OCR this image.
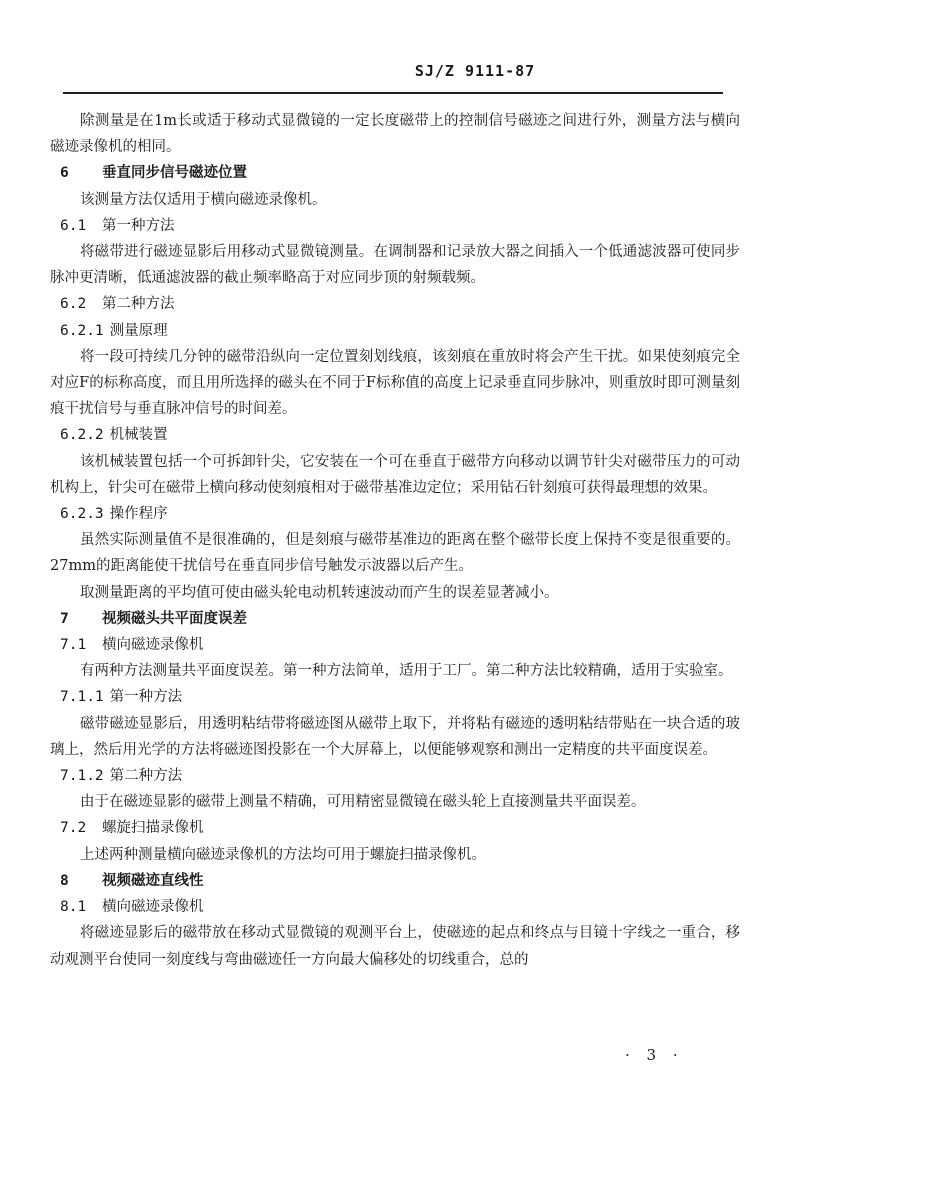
SJ/Z 9111-87
除测量是在1m长或适于移动式显微镜的一定长度磁带上的控制信号磁迹之间进行外，测量方法与横向磁迹录像机的相同。
6 垂直同步信号磁迹位置
该测量方法仅适用于横向磁迹录像机。
6.1 第一种方法
将磁带进行磁迹显影后用移动式显微镜测量。在调制器和记录放大器之间插入一个低通滤波器可使同步脉冲更清晰，低通滤波器的截止频率略高于对应同步顶的射频载频。
6.2 第二种方法
6.2.1 测量原理
将一段可持续几分钟的磁带沿纵向一定位置刻划线痕，该刻痕在重放时将会产生干扰。如果使刻痕完全对应F的标称高度，而且用所选择的磁头在不同于F标称值的高度上记录垂直同步脉冲，则重放时即可测量刻痕干扰信号与垂直脉冲信号的时间差。
6.2.2 机械装置
该机械装置包括一个可拆卸针尖，它安装在一个可在垂直于磁带方向移动以调节针尖对磁带压力的可动机构上，针尖可在磁带上横向移动使刻痕相对于磁带基准边定位；采用钻石针刻痕可获得最理想的效果。
6.2.3 操作程序
虽然实际测量值不是很准确的，但是刻痕与磁带基准边的距离在整个磁带长度上保持不变是很重要的。27mm的距离能使干扰信号在垂直同步信号触发示波器以后产生。
取测量距离的平均值可使由磁头轮电动机转速波动而产生的误差显著减小。
7 视频磁头共平面度误差
7.1 横向磁迹录像机
有两种方法测量共平面度误差。第一种方法简单，适用于工厂。第二种方法比较精确，适用于实验室。
7.1.1 第一种方法
磁带磁迹显影后，用透明粘结带将磁迹图从磁带上取下，并将粘有磁迹的透明粘结带贴在一块合适的玻璃上，然后用光学的方法将磁迹图投影在一个大屏幕上，以便能够观察和测出一定精度的共平面度误差。
7.1.2 第二种方法
由于在磁迹显影的磁带上测量不精确，可用精密显微镜在磁头轮上直接测量共平面误差。
7.2 螺旋扫描录像机
上述两种测量横向磁迹录像机的方法均可用于螺旋扫描录像机。
8 视频磁迹直线性
8.1 横向磁迹录像机
将磁迹显影后的磁带放在移动式显微镜的观测平台上，使磁迹的起点和终点与目镜十字线之一重合，移动观测平台使同一刻度线与弯曲磁迹任一方向最大偏移处的切线重合，总的
· 3 ·
